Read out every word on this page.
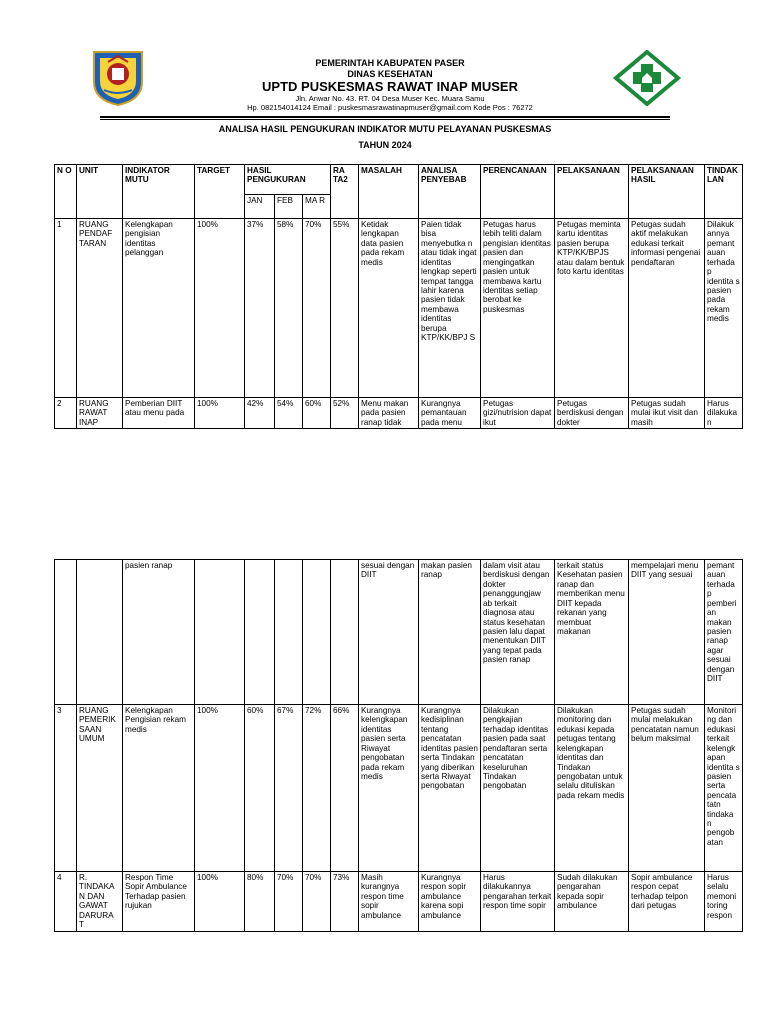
PEMERINTAH KABUPATEN PASER
DINAS KESEHATAN
UPTD PUSKESMAS RAWAT INAP MUSER
Jln. Anwar No. 43. RT. 04 Desa Muser Kec. Muara Samu
Hp. 082154014124 Email : puskesmasrawatinapmuser@gmail.com Kode Pos : 76272
ANALISA HASIL PENGUKURAN INDIKATOR MUTU PELAYANAN PUSKESMAS
TAHUN 2024
N O	UNIT	INDIKATOR MUTU	TARGET	HASIL PENGUKURAN			RA TA2	MASALAH	ANALISA PENYEBAB	PERENCANAAN	PELAKSANAAN	PELAKSANAAN HASIL	TINDAK LAN
				JAN	FEB	MA R							
1	RUANG PENDAF TARAN	Kelengkapan pengisian identitas pelanggan	100%	37%	58%	70%	55%	Ketidak lengkapan data pasien pada rekam medis	Paien tidak bisa menyebutka n atau tidak ingat identitas lengkap seperti tempat tangga lahir karena pasien tidak membawa identitas berupa KTP/KK/BPJ S	Petugas harus lebih teliti dalam pengisian identitas pasien dan mengingatkan pasien untuk membawa kartu identitas setiap berobat ke puskesmas	Petugas meminta kartu identitas pasien berupa KTP/KK/BPJS atau dalam bentuk foto kartu identitas	Petugas sudah aktif melakukan edukasi terkait informasi pengenai pendaftaran	Dilakuk annya pemant auan terhada p identita s pasien pada rekam medis
2	RUANG RAWAT INAP	Pemberian DIIT atau menu pada	100%	42%	54%	60%	52%	Menu makan pada pasien ranap tidak	Kurangnya pemantauan pada menu	Petugas gizi/nutrision dapat ikut	Petugas berdiskusi dengan dokter	Petugas sudah mulai ikut visit dan masih	Harus dilakuka n
		pasien ranap						sesuai dengan DIIT	makan pasien ranap	dalam visit atau berdiskusi dengan dokter penanggungjaw ab terkait diagnosa atau status kesehatan pasien lalu dapat menentukan DIIT yang tepat pada pasien ranap	terkait status Kesehatan pasien ranap dan memberikan menu DIIT kepada rekanan yang membuat makanan	mempelajari menu DIIT yang sesuai	pemant auan terhada p pemberi an makan pasien ranap agar sesuai dengan DIIT
3	RUANG PEMERIK SAAN UMUM	Kelengkapan Pengisian rekam medis	100%	60%	67%	72%	66%	Kurangnya kelengkapan identitas pasien serta Riwayat pengobatan pada rekam medis	Kurangnya kedisiplinan tentang pencatatan identitas pasien serta Tindakan yang diberikan serta Riwayat pengobatan	Dilakukan pengkajian terhadap identitas pasien pada saat pendaftaran serta pencatatan keseluruhan Tindakan pengobatan	Dilakukan monitoring dan edukasi kepada petugas tentang kelengkapan identitas dan Tindakan pengobatan untuk selalu dituliskan pada rekam medis	Petugas sudah mulai melakukan pencatatan namun belum maksimal	Monitori ng dan edukasi terkait kelengk apan identita s pasien serta pencata tatn tindaka n pengob atan
4	R. TINDAKA N DAN GAWAT DARURA T	Respon Time Sopir Ambulance Terhadap pasien rujukan	100%	80%	70%	70%	73%	Masih kurangnya respon time sopir ambulance	Kurangnya respon sopir ambulance karena sopi ambulance	Harus dilakukannya pengarahan terkait respon time sopir	Sudah dilakukan pengarahan kepada sopir ambulance	Sopir ambulance respon cepat terhadap telpon dari petugas	Harus selalu memoni toring respon
